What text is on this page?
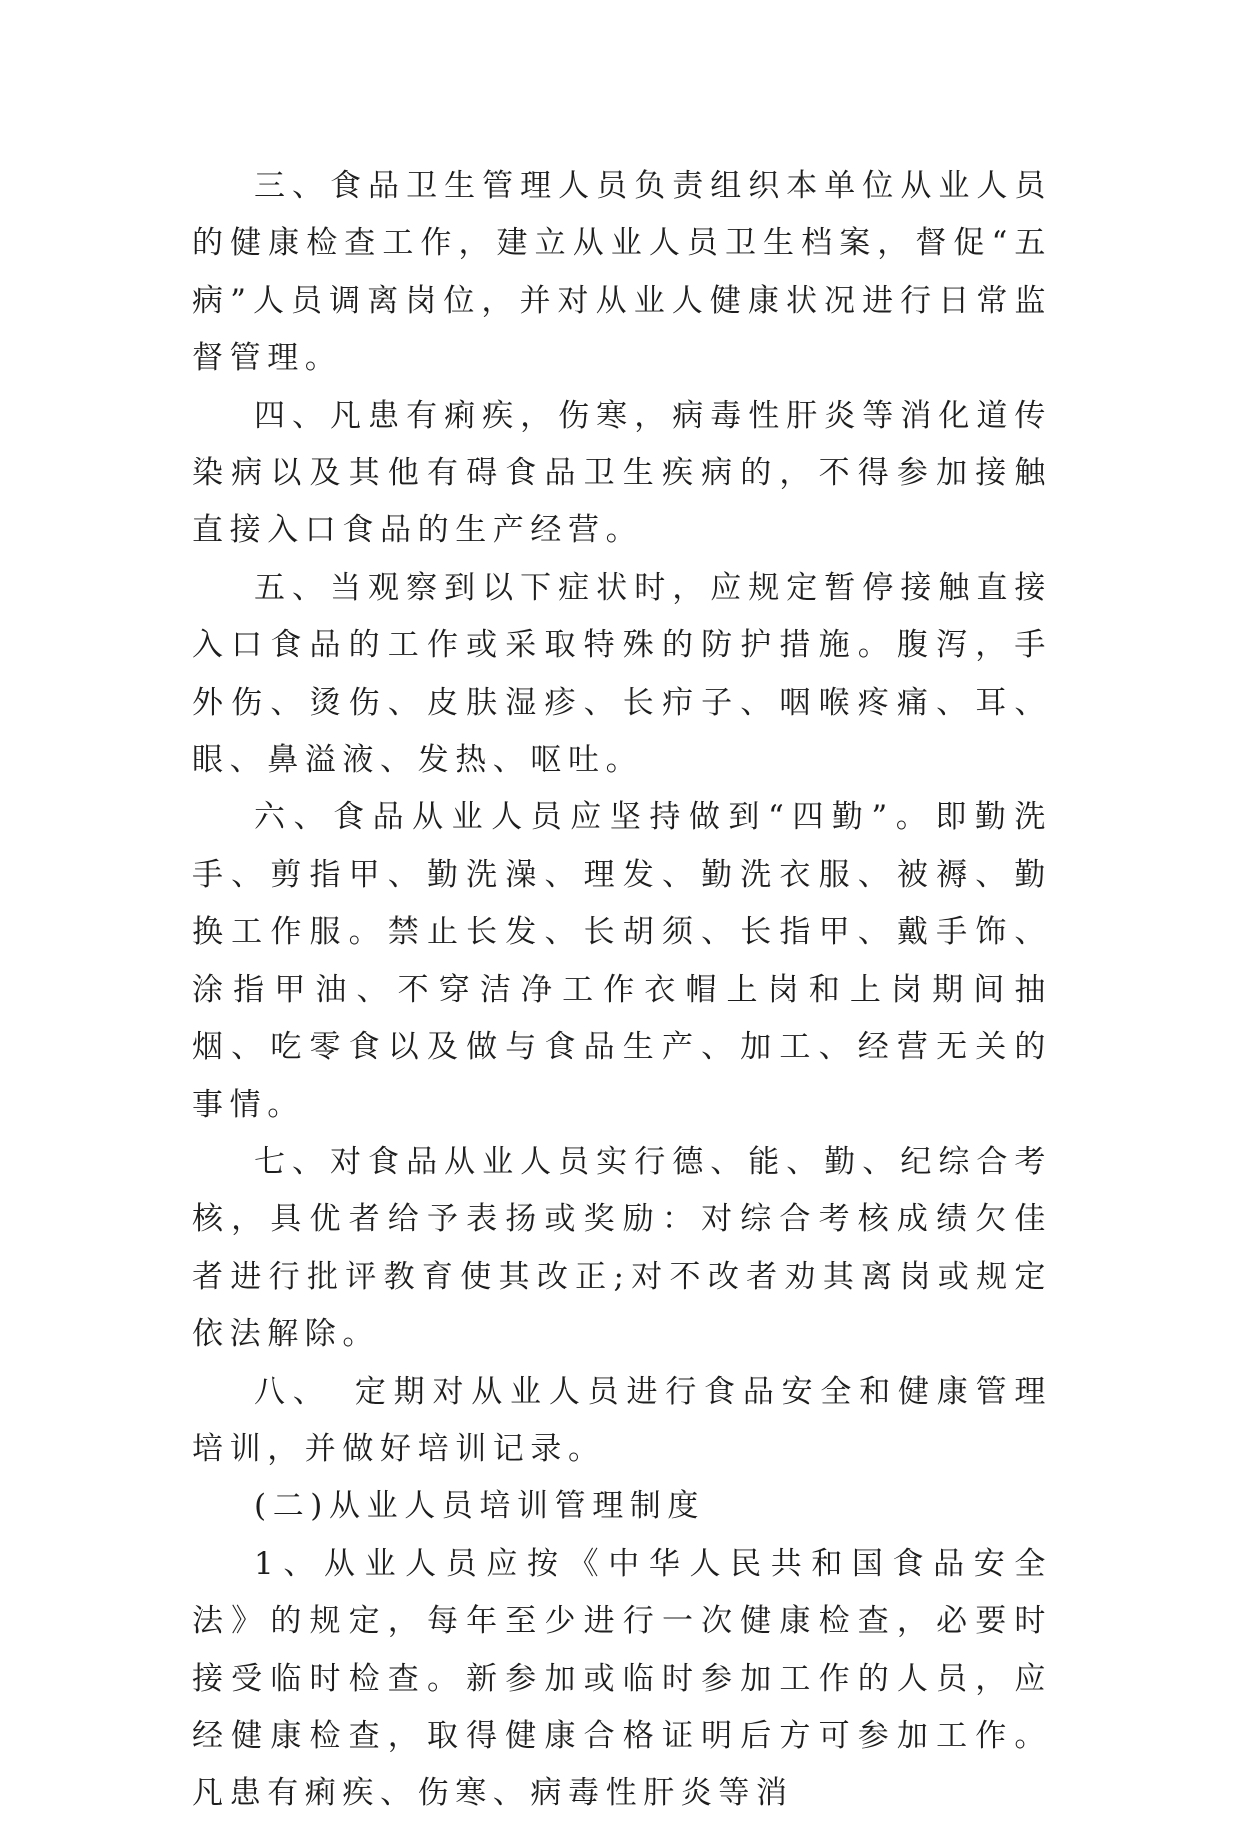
三、食品卫生管理人员负责组织本单位从业人员的健康检查工作，建立从业人员卫生档案，督促“五病”人员调离岗位，并对从业人健康状况进行日常监督管理。

四、凡患有痢疾，伤寒，病毒性肝炎等消化道传染病以及其他有碍食品卫生疾病的，不得参加接触直接入口食品的生产经营。

五、当观察到以下症状时，应规定暂停接触直接入口食品的工作或采取特殊的防护措施。腹泻，手外伤、烫伤、皮肤湿疹、长疖子、咽喉疼痛、耳、眼、鼻溢液、发热、呕吐。

六、食品从业人员应坚持做到“四勤”。即勤洗手、剪指甲、勤洗澡、理发、勤洗衣服、被褥、勤换工作服。禁止长发、长胡须、长指甲、戴手饰、涂指甲油、不穿洁净工作衣帽上岗和上岗期间抽烟、吃零食以及做与食品生产、加工、经营无关的事情。

七、对食品从业人员实行德、能、勤、纪综合考核，具优者给予表扬或奖励：对综合考核成绩欠佳者进行批评教育使其改正;对不改者劝其离岗或规定依法解除。

八、　定期对从业人员进行食品安全和健康管理培训，并做好培训记录。

(二)从业人员培训管理制度

1、从业人员应按《中华人民共和国食品安全法》的规定，每年至少进行一次健康检查，必要时接受临时检查。新参加或临时参加工作的人员，应经健康检查，取得健康合格证明后方可参加工作。凡患有痢疾、伤寒、病毒性肝炎等消
